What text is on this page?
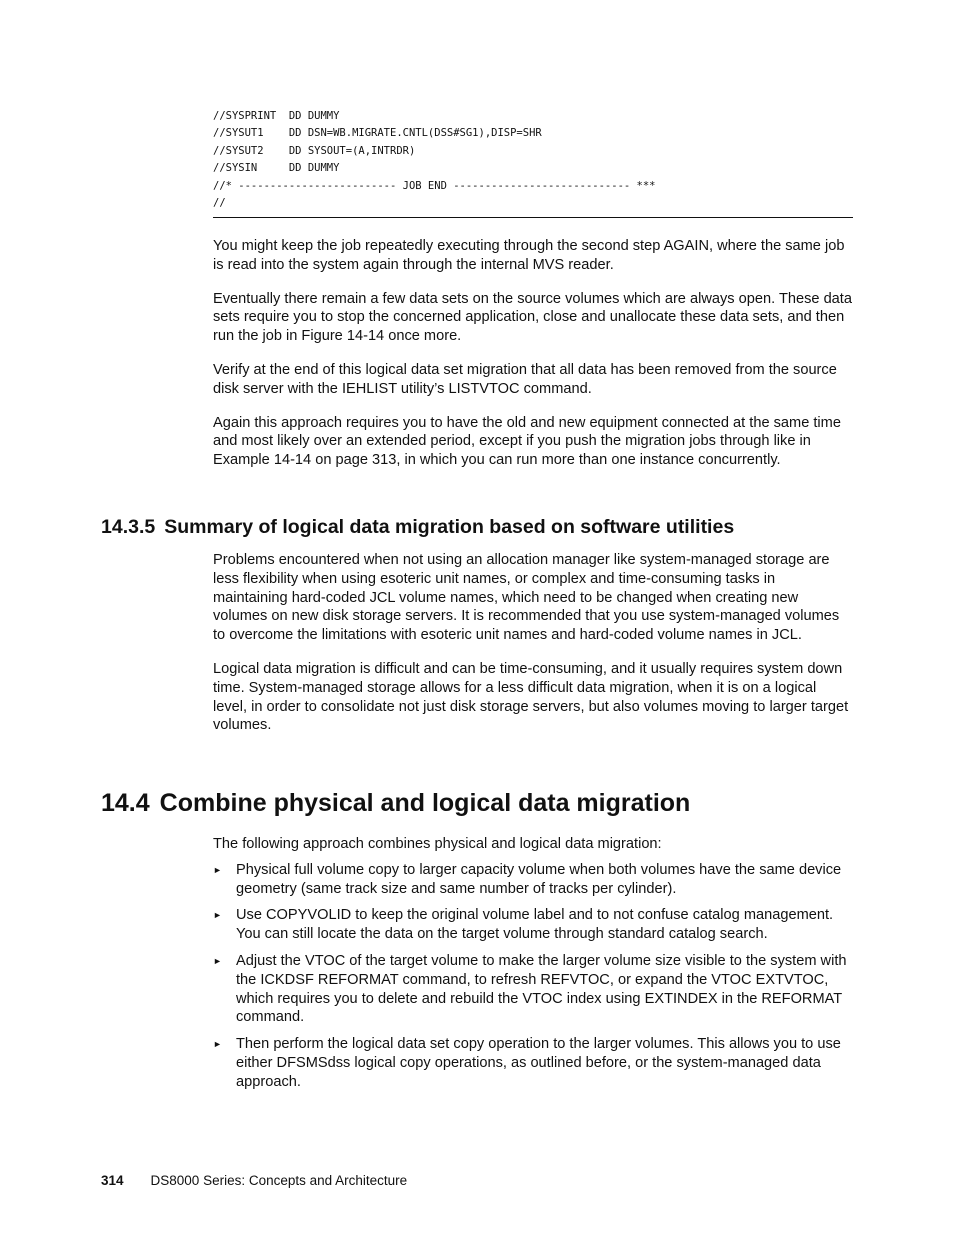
//SYSPRINT  DD DUMMY
//SYSUT1    DD DSN=WB.MIGRATE.CNTL(DSS#SG1),DISP=SHR
//SYSUT2    DD SYSOUT=(A,INTRDR)
//SYSIN     DD DUMMY
//* ------------------------- JOB END ---------------------------- ***
//

You might keep the job repeatedly executing through the second step AGAIN, where the same job is read into the system again through the internal MVS reader.

Eventually there remain a few data sets on the source volumes which are always open. These data sets require you to stop the concerned application, close and unallocate these data sets, and then run the job in Figure 14-14 once more.

Verify at the end of this logical data set migration that all data has been removed from the source disk server with the IEHLIST utility’s LISTVTOC command.

Again this approach requires you to have the old and new equipment connected at the same time and most likely over an extended period, except if you push the migration jobs through like in Example 14-14 on page 313, in which you can run more than one instance concurrently.

14.3.5 Summary of logical data migration based on software utilities

Problems encountered when not using an allocation manager like system-managed storage are less flexibility when using esoteric unit names, or complex and time-consuming tasks in maintaining hard-coded JCL volume names, which need to be changed when creating new volumes on new disk storage servers. It is recommended that you use system-managed volumes to overcome the limitations with esoteric unit names and hard-coded volume names in JCL.

Logical data migration is difficult and can be time-consuming, and it usually requires system down time. System-managed storage allows for a less difficult data migration, when it is on a logical level, in order to consolidate not just disk storage servers, but also volumes moving to larger target volumes.

14.4 Combine physical and logical data migration

The following approach combines physical and logical data migration:

► Physical full volume copy to larger capacity volume when both volumes have the same device geometry (same track size and same number of tracks per cylinder).
► Use COPYVOLID to keep the original volume label and to not confuse catalog management. You can still locate the data on the target volume through standard catalog search.
► Adjust the VTOC of the target volume to make the larger volume size visible to the system with the ICKDSF REFORMAT command, to refresh REFVTOC, or expand the VTOC EXTVTOC, which requires you to delete and rebuild the VTOC index using EXTINDEX in the REFORMAT command.
► Then perform the logical data set copy operation to the larger volumes. This allows you to use either DFSMSdss logical copy operations, as outlined before, or the system-managed data approach.
314 DS8000 Series: Concepts and Architecture
